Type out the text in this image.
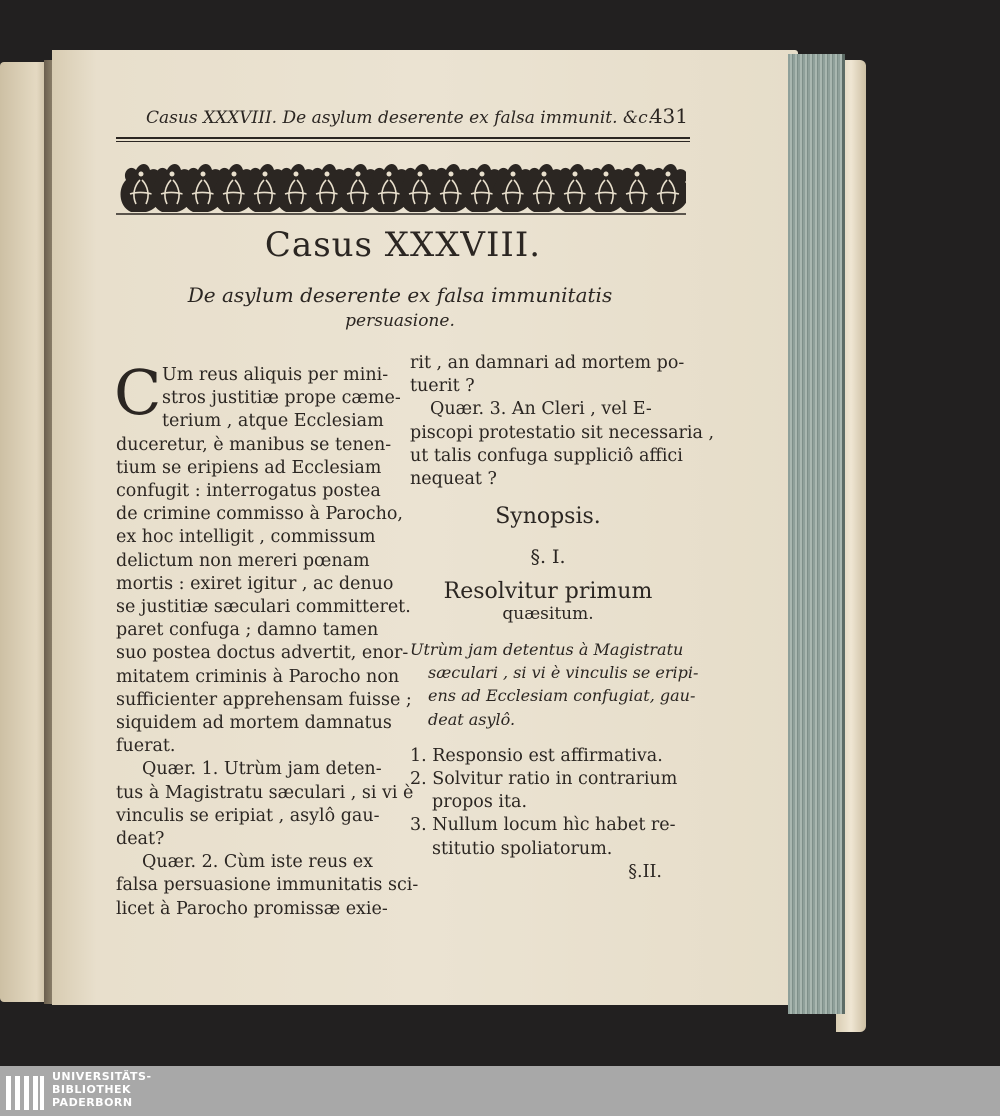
Casus XXXVIII. De asylum deserente ex falsa immunit. &c.
431
Casus XXXVIII.
De asylum deserente ex falsa immunitatis
persuasione.
C Um reus aliquis per mini-
stros justitiæ prope cæme-
terium , atque Ecclesiam
duceretur, è manibus se tenen-
tium se eripiens ad Ecclesiam
confugit : interrogatus postea
de crimine commisso à Parocho,
ex hoc intelligit , commissum
delictum non mereri pœnam
mortis : exiret igitur , ac denuo
se justitiæ sæculari committeret.
paret confuga ; damno tamen
suo postea doctus advertit, enor-
mitatem criminis à Parocho non
sufficienter apprehensam fuisse ;
siquidem ad mortem damnatus
fuerat.
Quær. 1. Utrùm jam deten-
tus à Magistratu sæculari , si vi è
vinculis se eripiat , asylô gau-
deat?
Quær. 2. Cùm iste reus ex
falsa persuasione immunitatis sci-
licet à Parocho promissæ exie-
rit , an damnari ad mortem po-
tuerit ?
Quær. 3. An Cleri , vel E-
piscopi protestatio sit necessaria ,
ut talis confuga suppliciô affici
nequeat ?
Synopsis.
§. I.
Resolvitur primum
quæsitum.
Utrùm jam detentus à Magistratu
sæculari , si vi è vinculis se eripi-
ens ad Ecclesiam confugiat, gau-
deat asylô.
1. Responsio est affirmativa.
2. Solvitur ratio in contrarium
propos ita.
3. Nullum locum hìc habet re-
stitutio spoliatorum.
§.II.
UNIVERSITÄTS-
BIBLIOTHEK
PADERBORN
